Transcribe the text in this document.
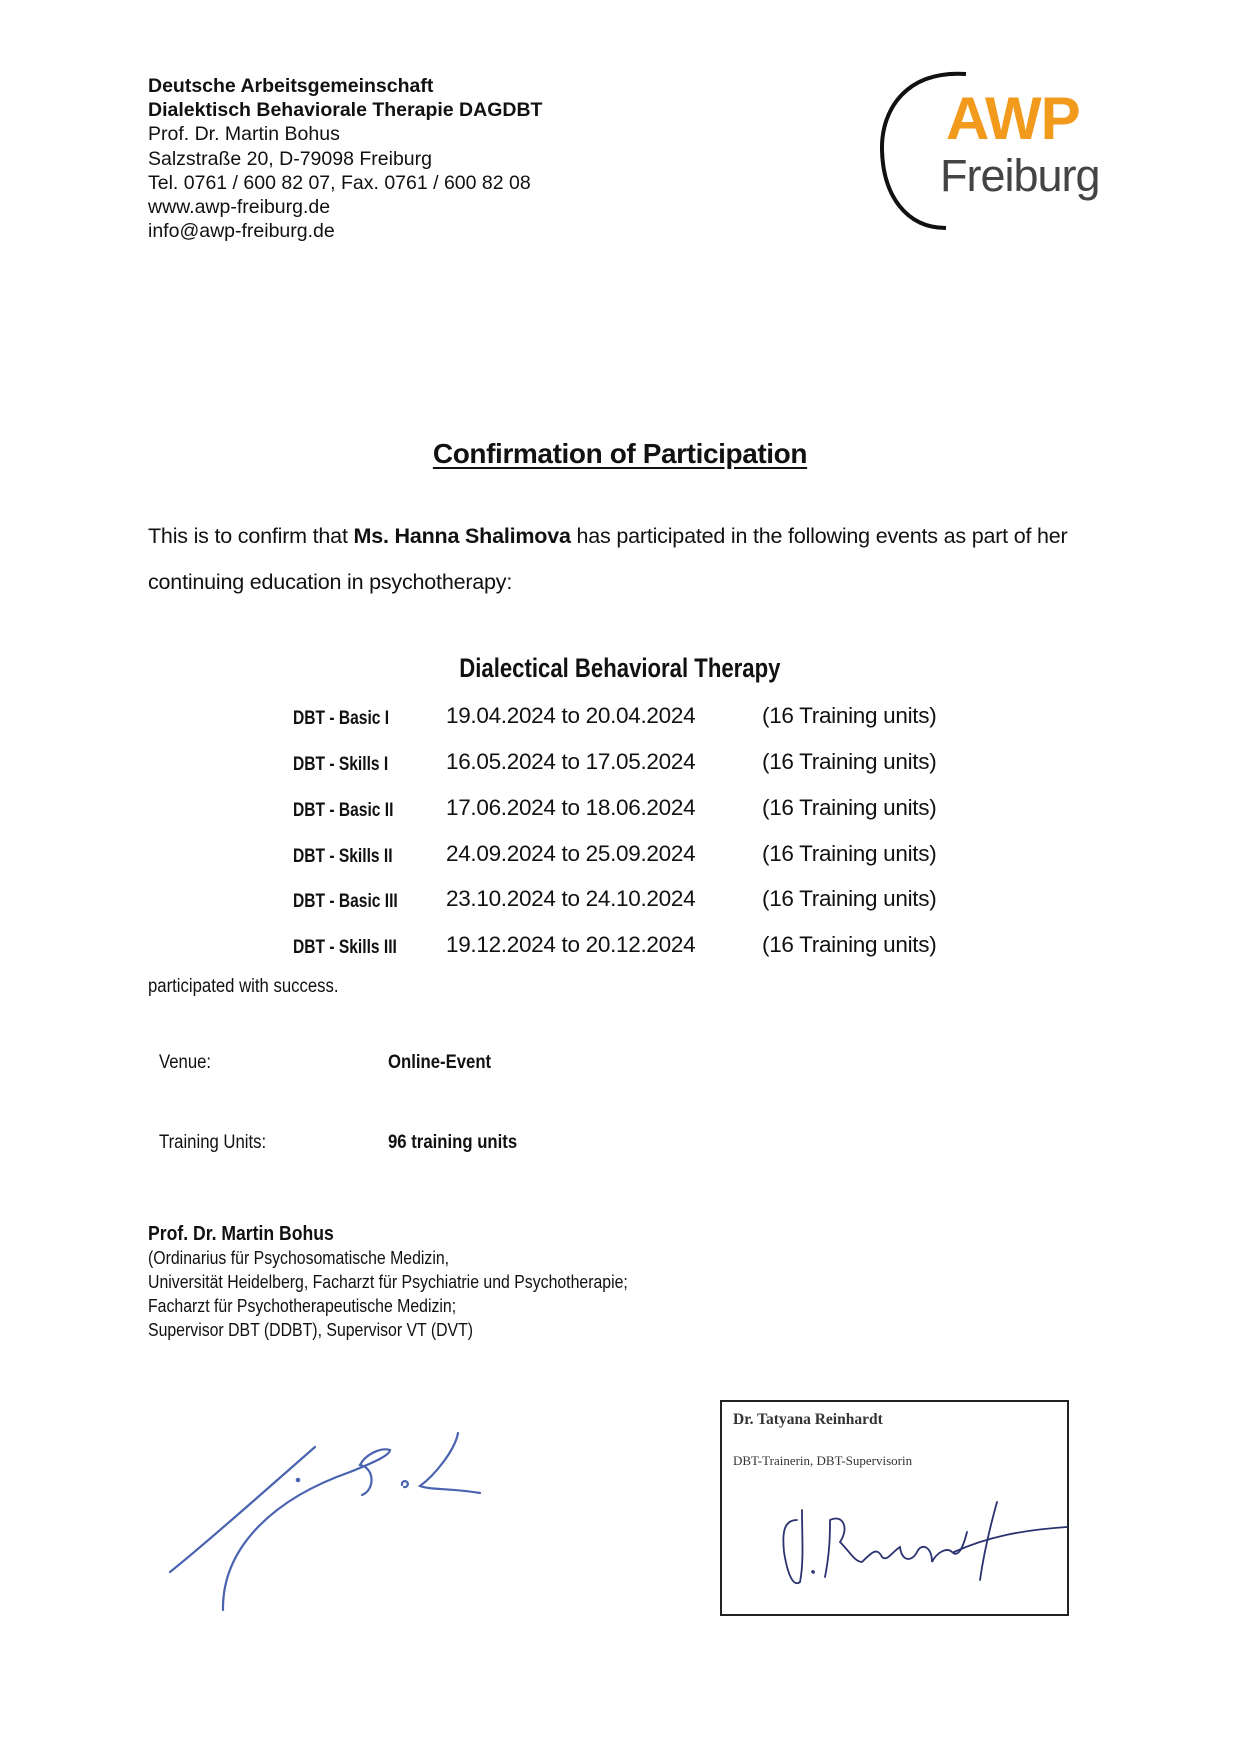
Deutsche Arbeitsgemeinschaft
Dialektisch Behaviorale Therapie DAGDBT
Prof. Dr. Martin Bohus
Salzstraße 20, D-79098 Freiburg
Tel. 0761 / 600 82 07, Fax. 0761 / 600 82 08
www.awp-freiburg.de
info@awp-freiburg.de
AWP
Freiburg
Confirmation of Participation
This is to confirm that Ms. Hanna Shalimova has participated in the following events as part of her continuing education in psychotherapy:
Dialectical Behavioral Therapy
DBT - Basic I	19.04.2024 to 20.04.2024	(16 Training units)
DBT - Skills I	16.05.2024 to 17.05.2024	(16 Training units)
DBT - Basic II 17.06.2024 to 18.06.2024	(16 Training units)
DBT - Skills II 24.09.2024 to 25.09.2024	(16 Training units)
DBT - Basic III 23.10.2024 to 24.10.2024	(16 Training units)
DBT - Skills III 19.12.2024 to 20.12.2024	(16 Training units)
participated with success.
Venue:	Online-Event
Training Units:	96 training units
Prof. Dr. Martin Bohus
(Ordinarius für Psychosomatische Medizin,
Universität Heidelberg, Facharzt für Psychiatrie und Psychotherapie;
Facharzt für Psychotherapeutische Medizin;
Supervisor DBT (DDBT), Supervisor VT (DVT)
Dr. Tatyana Reinhardt
DBT-Trainerin, DBT-Supervisorin
